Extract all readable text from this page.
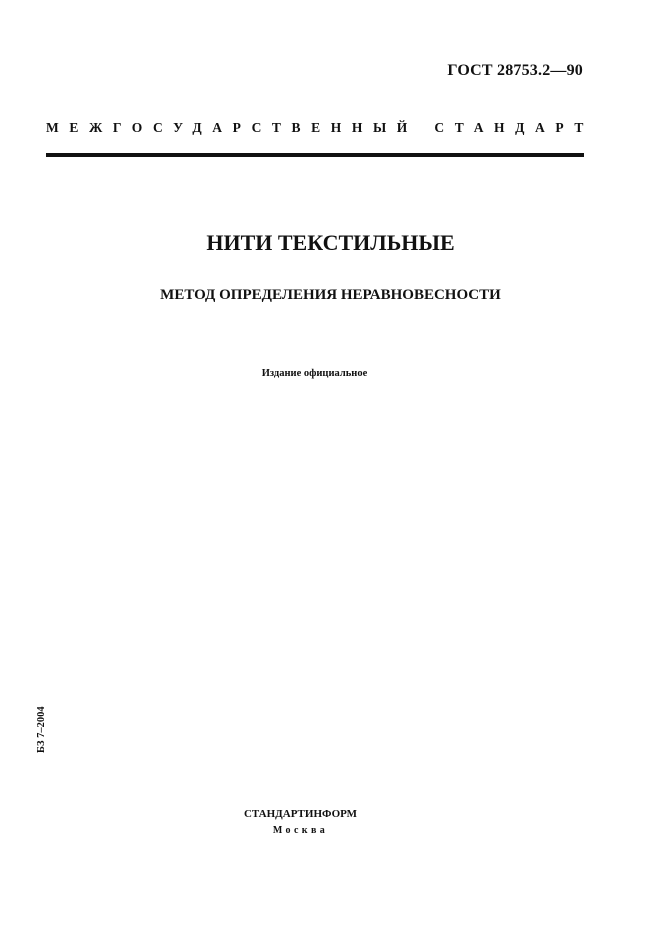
ГОСТ 28753.2—90
МЕЖГОСУДАРСТВЕННЫЙ СТАНДАРТ
НИТИ ТЕКСТИЛЬНЫЕ
МЕТОД ОПРЕДЕЛЕНИЯ НЕРАВНОВЕСНОСТИ
Издание официальное
БЗ 7–2004
СТАНДАРТИНФОРМ
Москва
